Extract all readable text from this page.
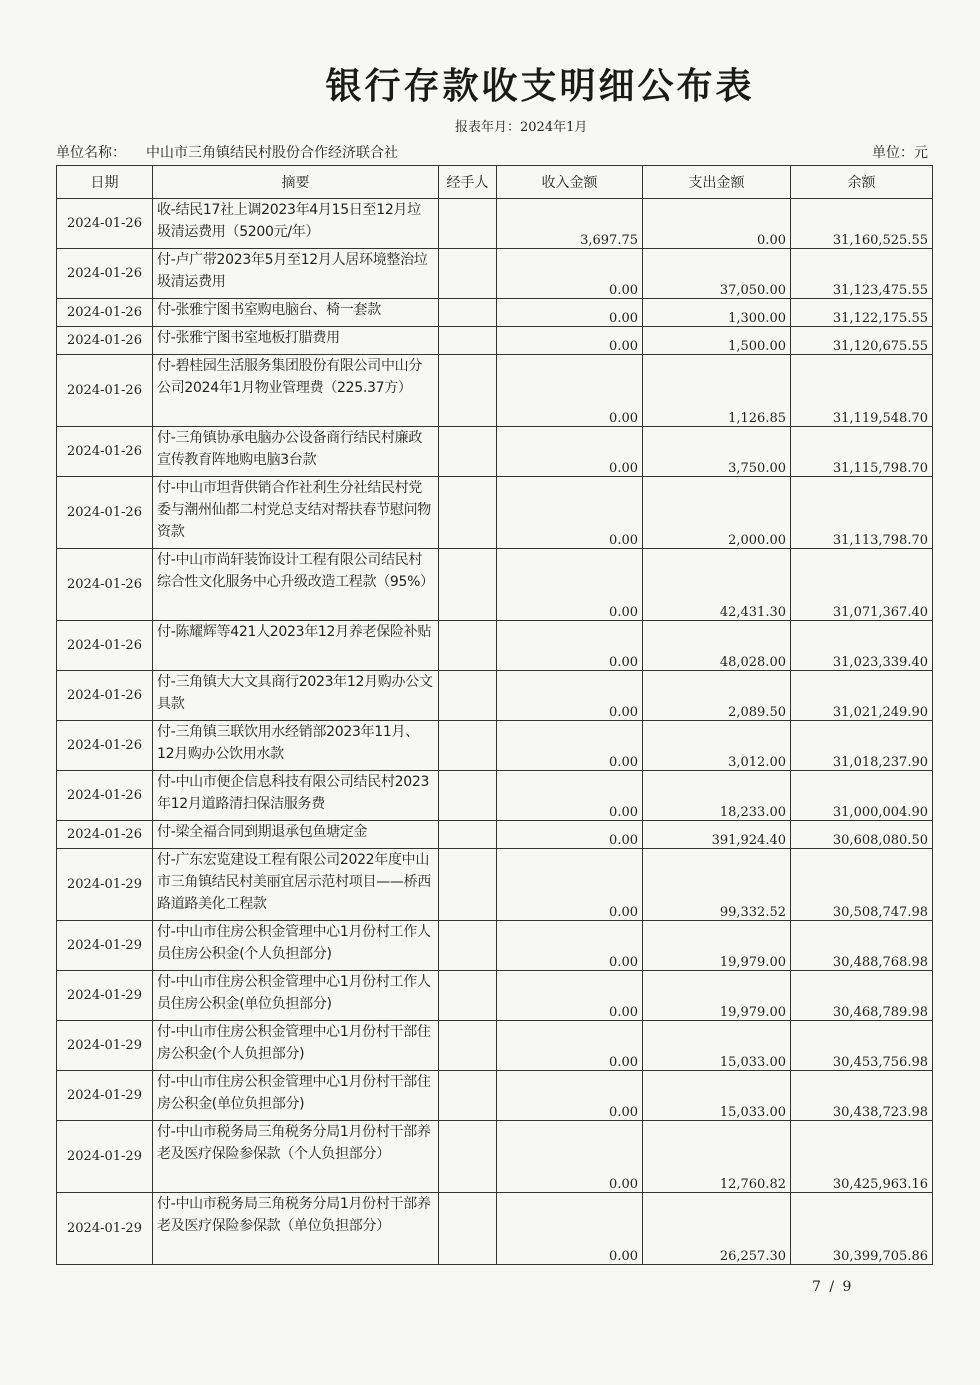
银行存款收支明细公布表
报表年月：2024年1月
单位名称： 中山市三角镇结民村股份合作经济联合社	单位：元
日期	摘要	经手人	收入金额	支出金额	余额
2024-01-26	收-结民17社上调2023年4月15日至12月垃圾清运费用（5200元/年）		3,697.75	0.00	31,160,525.55
2024-01-26	付-卢广带2023年5月至12月人居环境整治垃圾清运费用		0.00	37,050.00	31,123,475.55
2024-01-26	付-张雅宁图书室购电脑台、椅一套款		0.00	1,300.00	31,122,175.55
2024-01-26	付-张雅宁图书室地板打腊费用		0.00	1,500.00	31,120,675.55
2024-01-26	付-碧桂园生活服务集团股份有限公司中山分公司2024年1月物业管理费（225.37方）		0.00	1,126.85	31,119,548.70
2024-01-26	付-三角镇协承电脑办公设备商行结民村廉政宣传教育阵地购电脑3台款		0.00	3,750.00	31,115,798.70
2024-01-26	付-中山市坦背供销合作社利生分社结民村党委与潮州仙都二村党总支结对帮扶春节慰问物资款		0.00	2,000.00	31,113,798.70
2024-01-26	付-中山市尚轩装饰设计工程有限公司结民村综合性文化服务中心升级改造工程款（95%）		0.00	42,431.30	31,071,367.40
2024-01-26	付-陈耀辉等421人2023年12月养老保险补贴		0.00	48,028.00	31,023,339.40
2024-01-26	付-三角镇大大文具商行2023年12月购办公文具款		0.00	2,089.50	31,021,249.90
2024-01-26	付-三角镇三联饮用水经销部2023年11月、12月购办公饮用水款		0.00	3,012.00	31,018,237.90
2024-01-26	付-中山市便企信息科技有限公司结民村2023年12月道路清扫保洁服务费		0.00	18,233.00	31,000,004.90
2024-01-26	付-梁全福合同到期退承包鱼塘定金		0.00	391,924.40	30,608,080.50
2024-01-29	付-广东宏览建设工程有限公司2022年度中山市三角镇结民村美丽宜居示范村项目——桥西路道路美化工程款		0.00	99,332.52	30,508,747.98
2024-01-29	付-中山市住房公积金管理中心1月份村工作人员住房公积金(个人负担部分)		0.00	19,979.00	30,488,768.98
2024-01-29	付-中山市住房公积金管理中心1月份村工作人员住房公积金(单位负担部分)		0.00	19,979.00	30,468,789.98
2024-01-29	付-中山市住房公积金管理中心1月份村干部住房公积金(个人负担部分)		0.00	15,033.00	30,453,756.98
2024-01-29	付-中山市住房公积金管理中心1月份村干部住房公积金(单位负担部分)		0.00	15,033.00	30,438,723.98
2024-01-29	付-中山市税务局三角税务分局1月份村干部养老及医疗保险参保款（个人负担部分）		0.00	12,760.82	30,425,963.16
2024-01-29	付-中山市税务局三角税务分局1月份村干部养老及医疗保险参保款（单位负担部分）		0.00	26,257.30	30,399,705.86
7 / 9
